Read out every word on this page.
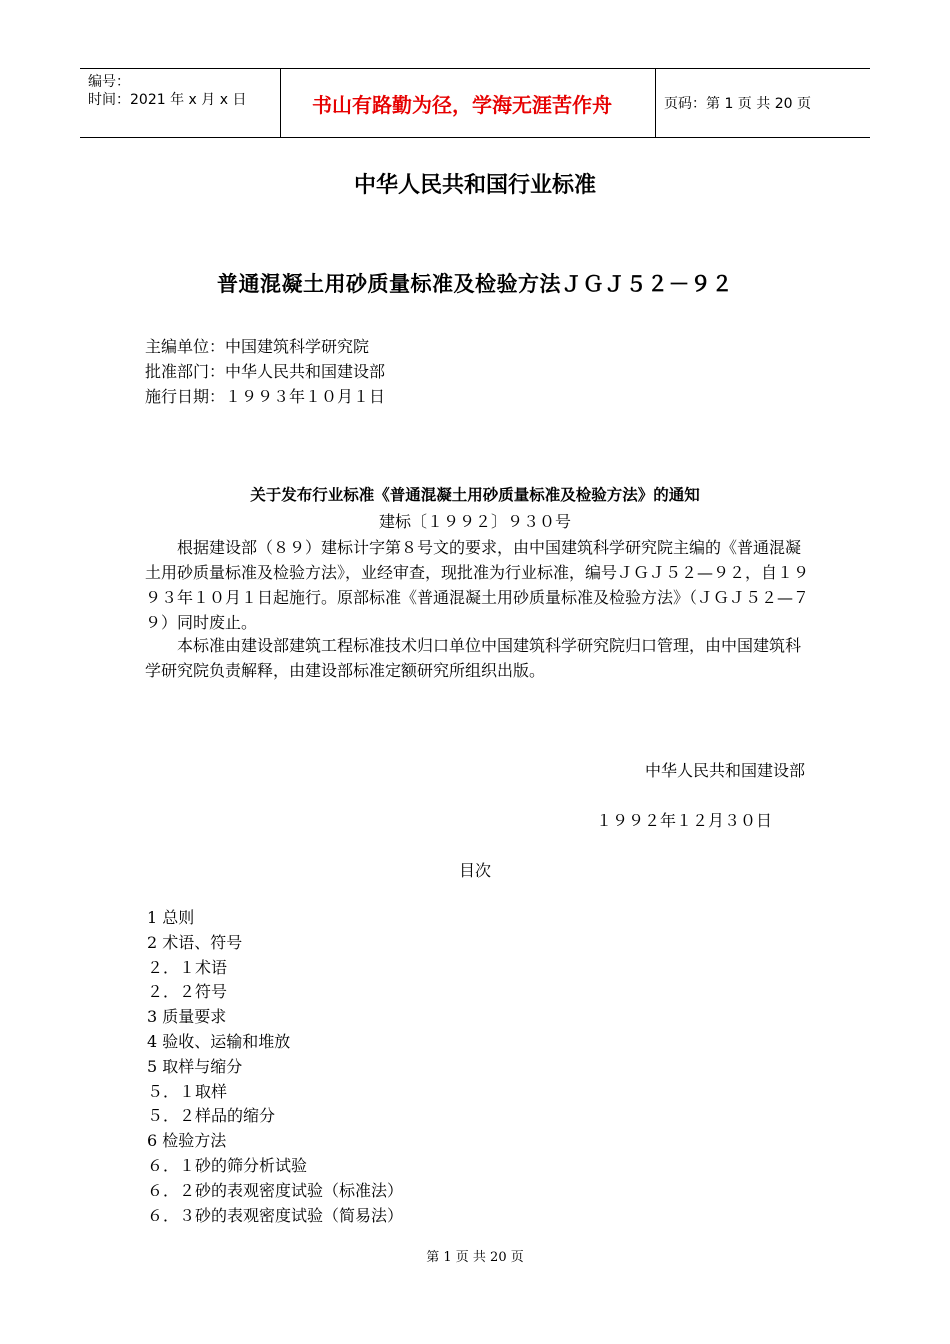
编号：
时间：2021 年 x 月 x 日	书山有路勤为径，学海无涯苦作舟	页码：第 1 页 共 20 页
中华人民共和国行业标准
普通混凝土用砂质量标准及检验方法ＪＧＪ５２－９２
主编单位：中国建筑科学研究院
批准部门：中华人民共和国建设部
施行日期：１９９３年１０月１日
关于发布行业标准《普通混凝土用砂质量标准及检验方法》的通知
建标〔１９９２〕９３０号

根据建设部（８９）建标计字第８号文的要求，由中国建筑科学研究院主编的《普通混凝土用砂质量标准及检验方法》，业经审查，现批准为行业标准，编号ＪＧＪ５２—９２，自１９９３年１０月１日起施行。原部标准《普通混凝土用砂质量标准及检验方法》（ＪＧＪ５２—７９）同时废止。

本标准由建设部建筑工程标准技术归口单位中国建筑科学研究院归口管理，由中国建筑科学研究院负责解释，由建设部标准定额研究所组织出版。

中华人民共和国建设部
１９９２年１２月３０日
目次
1 总则
2 术语、符号
２．１术语
２．２符号
3 质量要求
4 验收、运输和堆放
5 取样与缩分
５．１取样
５．２样品的缩分
6 检验方法
６．１砂的筛分析试验
６．２砂的表观密度试验（标准法）
６．３砂的表观密度试验（简易法）
第 1 页 共 20 页
